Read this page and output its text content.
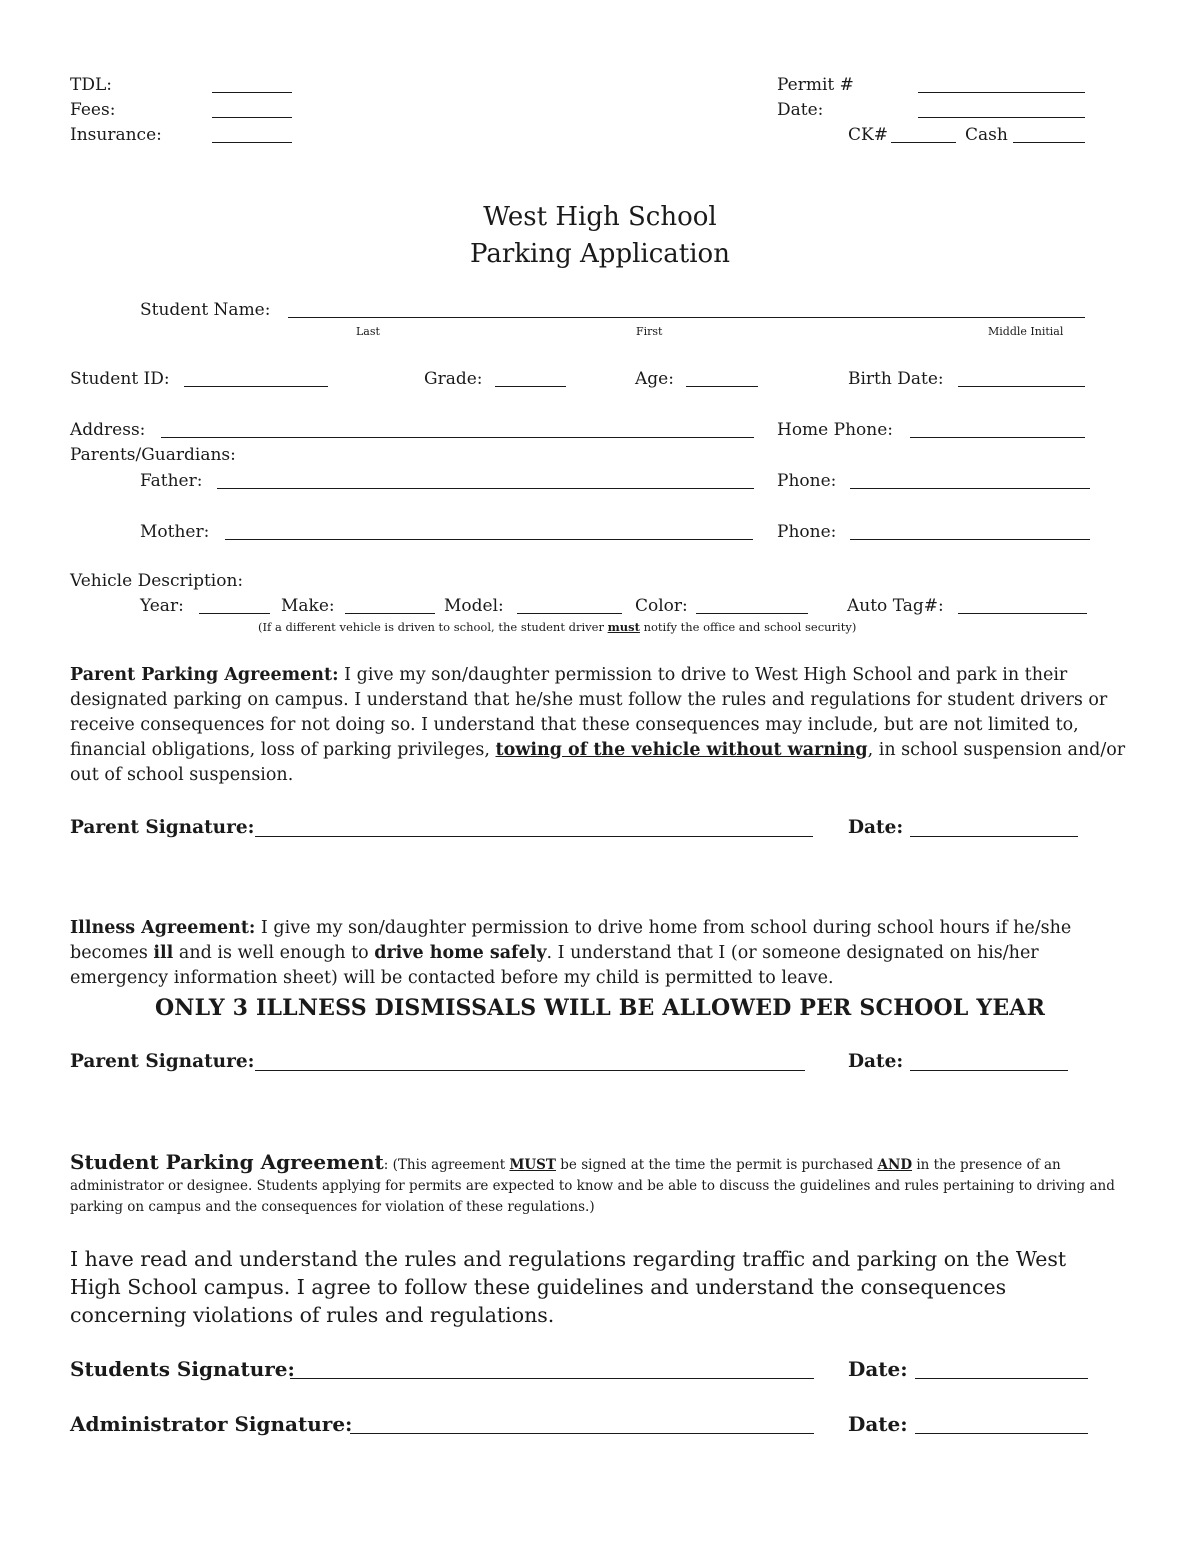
TDL:
Fees:
Insurance:
Permit #
Date:
CK#	Cash
West High School
Parking Application
Student Name:
Last	First	Middle Initial
Student ID:	Grade:	Age:	Birth Date:
Address:	Home Phone:
Parents/Guardians:
Father:	Phone:
Mother:	Phone:
Vehicle Description:
Year:	Make:	Model:	Color:	Auto Tag#:
(If a different vehicle is driven to school, the student driver must notify the office and school security)
Parent Parking Agreement: I give my son/daughter permission to drive to West High School and park in their designated parking on campus. I understand that he/she must follow the rules and regulations for student drivers or receive consequences for not doing so. I understand that these consequences may include, but are not limited to, financial obligations, loss of parking privileges, towing of the vehicle without warning, in school suspension and/or out of school suspension.
Parent Signature:	Date:
Illness Agreement: I give my son/daughter permission to drive home from school during school hours if he/she becomes ill and is well enough to drive home safely. I understand that I (or someone designated on his/her emergency information sheet) will be contacted before my child is permitted to leave.
ONLY 3 ILLNESS DISMISSALS WILL BE ALLOWED PER SCHOOL YEAR
Parent Signature:	Date:
Student Parking Agreement: (This agreement MUST be signed at the time the permit is purchased AND in the presence of an administrator or designee. Students applying for permits are expected to know and be able to discuss the guidelines and rules pertaining to driving and parking on campus and the consequences for violation of these regulations.)
I have read and understand the rules and regulations regarding traffic and parking on the West High School campus. I agree to follow these guidelines and understand the consequences concerning violations of rules and regulations.
Students Signature:	Date:
Administrator Signature:	Date:
